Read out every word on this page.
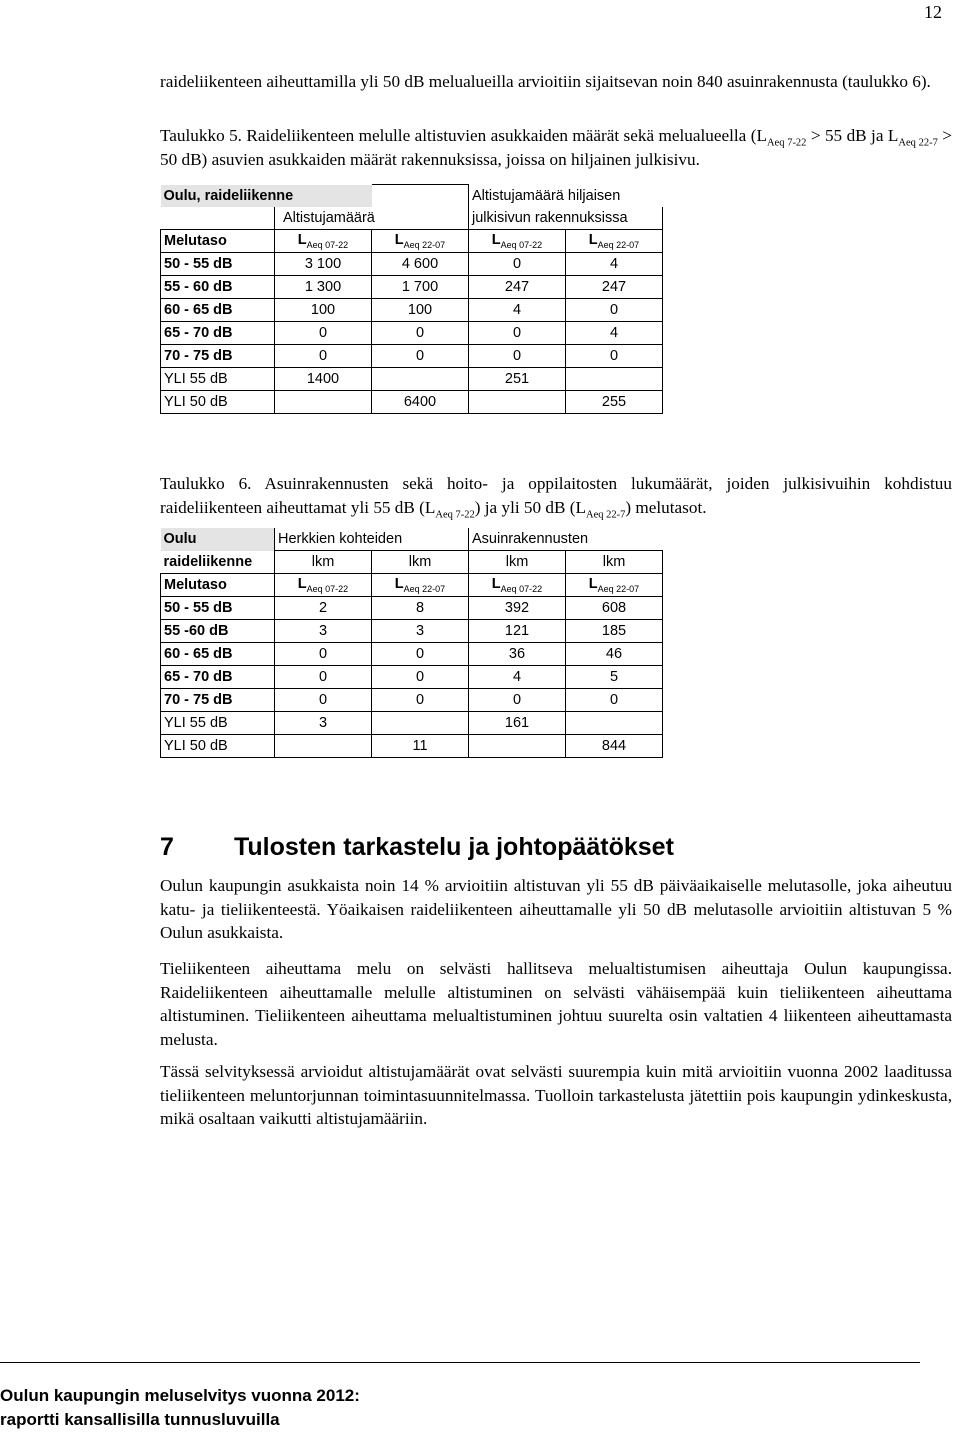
12

raideliikenteen aiheuttamilla yli 50 dB melualueilla arvioitiin sijaitsevan noin 840 asuinrakennusta (taulukko 6).

Taulukko 5. Raideliikenteen melulle altistuvien asukkaiden määrät sekä melualueella ($L_{Aeq 7-22} > 55$ dB ja $L_{Aeq 22-7} > 50$ dB) asuvien asukkaiden määrät rakennuksissa, joissa on hiljainen julkisivu.

Oulu, raideliikenne			Altistujamäärä hiljaisen	
	Altistujamäärä		julkisivun rakennuksissa	
Melutaso	$L_{Aeq 07-22}$	$L_{Aeq 22-07}$	$L_{Aeq 07-22}$	$L_{Aeq 22-07}$
50 - 55 dB	3 100	4 600	0	4
55 - 60 dB	1 300	1 700	247	247
60 - 65 dB	100	100	4	0
65 - 70 dB	0	0	0	4
70 - 75 dB	0	0	0	0
YLI 55 dB	1400		251	
YLI 50 dB		6400		255

Taulukko 6. Asuinrakennusten sekä hoito- ja oppilaitosten lukumäärät, joiden julkisivuihin kohdistuu raideliikenteen aiheuttamat yli 55 dB $(L_{Aeq 7-22})$ ja yli 50 dB $(L_{Aeq 22-7})$ melutasot.

Oulu	Herkkien kohteiden		Asuinrakennusten	
raideliikenne	lkm	lkm	lkm	lkm
Melutaso	$L_{Aeq 07-22}$	$L_{Aeq 22-07}$	$L_{Aeq 07-22}$	$L_{Aeq 22-07}$
50 - 55 dB	2	8	392	608
55 -60 dB	3	3	121	185
60 - 65 dB	0	0	36	46
65 - 70 dB	0	0	4	5
70 - 75 dB	0	0	0	0
YLI 55 dB	3		161	
YLI 50 dB		11		844
7 Tulosten tarkastelu ja johtopäätökset

Oulun kaupungin asukkaista noin 14 % arvioitiin altistuvan yli 55 dB päiväaikaiselle melutasolle, joka aiheutuu katu- ja tieliikenteestä. Yöaikaisen raideliikenteen aiheuttamalle yli 50 dB melutasolle arvioitiin altistuvan 5 % Oulun asukkaista.

Tieliikenteen aiheuttama melu on selvästi hallitseva melualtistumisen aiheuttaja Oulun kaupungissa. Raideliikenteen aiheuttamalle melulle altistuminen on selvästi vähäisempää kuin tieliikenteen aiheuttama altistuminen. Tieliikenteen aiheuttama melualtistuminen johtuu suurelta osin valtatien 4 liikenteen aiheuttamasta melusta.

Tässä selvityksessä arvioidut altistujamäärät ovat selvästi suurempia kuin mitä arvioitiin vuonna 2002 laaditussa tieliikenteen meluntorjunnan toimintasuunnitelmassa. Tuolloin tarkastelusta jätettiin pois kaupungin ydinkeskusta, mikä osaltaan vaikutti altistujamääriin.

Oulun kaupungin meluselvitys vuonna 2012:
raportti kansallisilla tunnusluvuilla
